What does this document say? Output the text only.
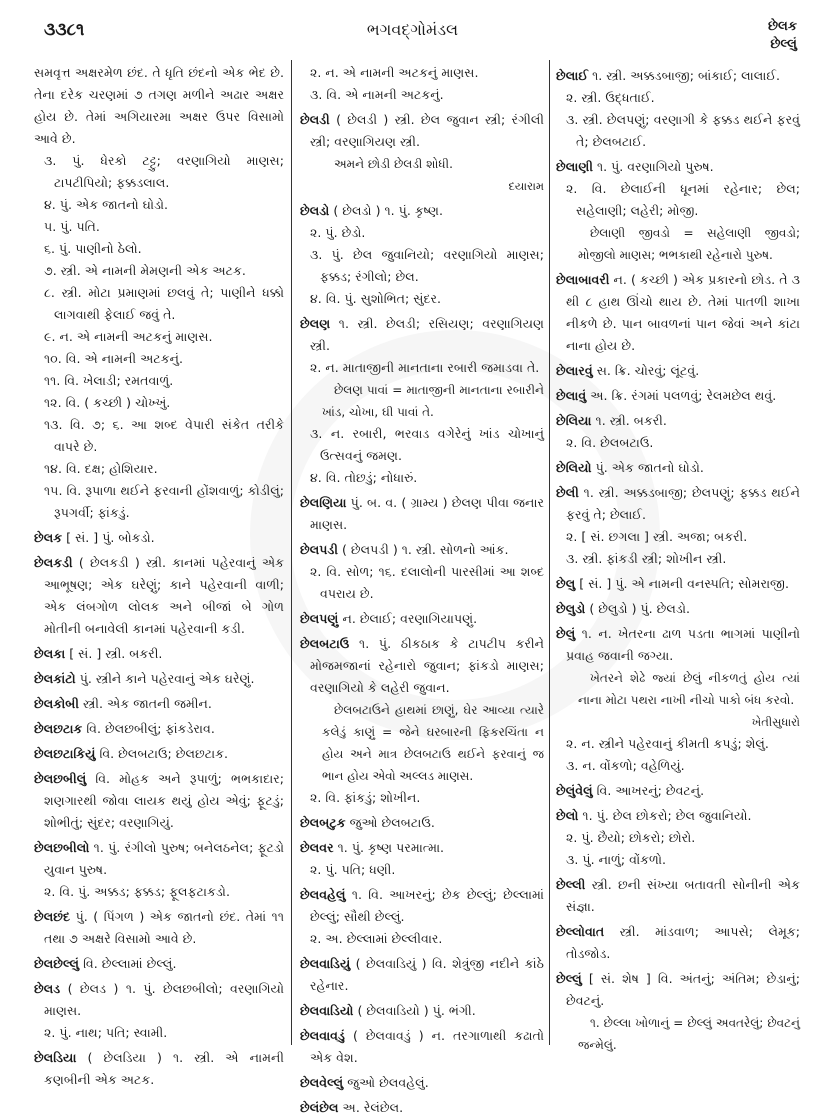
૩૩૮૧	ભગવદ્ગોમંડલ	છેલક
છેલ્લું
સમવૃત્ત અક્ષરમેળ છંદ. તે ધૃતિ છંદનો એક ભેદ છે. તેના દરેક ચરણમાં ૭ તગણ મળીને અઢાર અક્ષર હોય છે. તેમાં અગિયારમા અક્ષર ઉપર વિસામો આવે છે.
૩. પું. ધેરકો ટટ્ટુ; વરણાગિયો માણસ; ટાપટીપિયો; ફક્કડલાલ.
૪. પું. એક જાતનો ઘોડો.
૫. પું. પતિ.
૬. પું. પાણીનો ઠેલો.
૭. સ્ત્રી. એ નામની મેમણની એક અટક.
૮. સ્ત્રી. મોટા પ્રમાણમાં છલવું તે; પાણીને ધક્કો લાગવાથી ફેલાઈ જવું તે.
૯. ન. એ નામની અટકનું માણસ.
૧૦. વિ. એ નામની અટકનું.
૧૧. વિ. ખેલાડી; રમતવાળું.
૧૨. વિ. ( કચ્છી ) ચોખ્ખું.
૧૩. વિ. ૭; ૬. આ શબ્દ વેપારી સંકેત તરીકે વાપરે છે.
૧૪. વિ. દક્ષ; હોશિયાર.
૧૫. વિ. રૂપાળા થઈને ફરવાની હોંશવાળું; કોડીલું; રૂપગર્વી; ફાંકડું.
છેલક [ સં. ] પું. બોકડો.
છેલકડી ( છેલકડી ) સ્ત્રી. કાનમાં પહેરવાનું એક આભૂષણ; એક ઘરેણું; કાને પહેરવાની વાળી; એક લંબગોળ લોલક અને બીજાં બે ગોળ મોતીની બનાવેલી કાનમાં પહેરવાની કડી.
છેલકા [ સં. ] સ્ત્રી. બકરી.
છેલકાંટો પું. સ્ત્રીને કાને પહેરવાનું એક ઘરેણું.
છેલકોબી સ્ત્રી. એક જાતની જમીન.
છેલછટાક વિ. છેલછબીલું; ફાંકડેરાવ.
છેલછટાકિયું વિ. છેલબટાઉ; છેલછટાક.
છેલછબીલું વિ. મોહક અને રૂપાળું; ભભકાદાર; શણગારથી જોવા લાયક થયું હોય એવું; ફૂટડું; શોભીતું; સુંદર; વરણાગિયું.
છેલછબીલો ૧. પું. રંગીલો પુરુષ; બનેલઠનેલ; ફૂટડો યુવાન પુરુષ.
૨. વિ. પું. અક્કડ; ફક્કડ; ફૂલફટાકડો.
છેલછંદ પું. ( પિંગળ ) એક જાતનો છંદ. તેમાં ૧૧ તથા ૭ અક્ષરે વિસામો આવે છે.
છેલછેલ્લું વિ. છેલ્લામાં છેલ્લું.
છેલડ ( છેલડ ) ૧. પું. છેલછબીલો; વરણાગિયો માણસ.
૨. પું. નાથ; પતિ; સ્વામી.
છેલડિયા ( છેલડિયા ) ૧. સ્ત્રી. એ નામની કણબીની એક અટક.
૨. ન. એ નામની અટકનું માણસ.
૩. વિ. એ નામની અટકનું.
છેલડી ( છેલડી ) સ્ત્રી. છેલ જુવાન સ્ત્રી; રંગીલી સ્ત્રી; વરણાગિયણ સ્ત્રી.
અમને છોડી છેલડી શોધી.
દયારામ
છેલડો ( છેલડો ) ૧. પું. કૃષ્ણ.
૨. પું. છેડો.
૩. પું. છેલ જુવાનિયો; વરણાગિયો માણસ; ફક્કડ; રંગીલો; છેલ.
૪. વિ. પું. સુશોભિત; સુંદર.
છેલણ ૧. સ્ત્રી. છેલડી; રસિયણ; વરણાગિયણ સ્ત્રી.
૨. ન. માતાજીની માનતાના રબારી જમાડવા તે.
છેલણ પાવાં = માતાજીની માનતાના રબારીને ખાંડ, ચોખા, ઘી પાવાં તે.
૩. ન. રબારી, ભરવાડ વગેરેનું ખાંડ ચોખાનું ઉત્સવનું જમણ.
૪. વિ. તોછડું; નોધારું.
છેલણિયા પું. બ. વ. ( ગ્રામ્ય ) છેલણ પીવા જનાર માણસ.
છેલપડી ( છેલપડી ) ૧. સ્ત્રી. સોળનો આંક.
૨. વિ. સોળ; ૧૬. દલાલોની પારસીમાં આ શબ્દ વપરાય છે.
છેલપણું ન. છેલાઈ; વરણાગિયાપણું.
છેલબટાઉ ૧. પું. ઠીકઠાક કે ટાપટીપ કરીને મોજમજાનાં રહેનારો જુવાન; ફાંકડો માણસ; વરણાગિયો કે લહેરી જુવાન.
છેલબટાઉને હાથમાં છાણું, ઘેર આવ્યા ત્યારે કલેડું કાણું = જેને ઘરબારની ફિકરચિંતા ન હોય અને માત્ર છેલબટાઉ થઈને ફરવાનું જ ભાન હોય એવો અલ્લડ માણસ.
૨. વિ. ફાંકડું; શોખીન.
છેલબટુક જુઓ છેલબટાઉ.
છેલવર ૧. પું. કૃષ્ણ પરમાત્મા.
૨. પું. પતિ; ધણી.
છેલવહેલું ૧. વિ. આખરનું; છેક છેલ્લું; છેલ્લામાં છેલ્લું; સૌથી છેલ્લું.
૨. અ. છેલ્લામાં છેલ્લીવાર.
છેલવાડિયું ( છેલવાડિયું ) વિ. શેત્રુંજી નદીને કાંઠે રહેનાર.
છેલવાડિયો ( છેલવાડિયો ) પું. ભંગી.
છેલવાવડું ( છેલવાવડું ) ન. તરગાળાથી કઢાતો એક વેશ.
છેલવેલ્લું જુઓ છેલવહેલું.
છેલંછેલ અ. રેલંછેલ.
છેલાઈ ૧. સ્ત્રી. અક્કડબાજી; બાંકાઈ; લાલાઈ.
૨. સ્ત્રી. ઉદ્ધતાઈ.
૩. સ્ત્રી. છેલપણું; વરણાગી કે ફક્કડ થઈને ફરવું તે; છેલબટાઈ.
છેલાણી ૧. પું. વરણાગિયો પુરુષ.
૨. વિ. છેલાઈની ધૂનમાં રહેનાર; છેલ; સહેલાણી; લહેરી; મોજી.
છેલાણી જીવડો = સહેલાણી જીવડો; મોજીલો માણસ; ભભકાથી રહેનારો પુરુષ.
છેલાબાવરી ન. ( કચ્છી ) એક પ્રકારનો છોડ. તે ૩ થી ૮ હાથ ઊંચો થાય છે. તેમાં પાતળી શાખા નીકળે છે. પાન બાવળનાં પાન જેવાં અને કાંટા નાના હોય છે.
છેલારવું સ. ક્રિ. ચોરવું; લૂંટવું.
છેલાવું અ. ક્રિ. રંગમાં પલળવું; રેલમછેલ થવું.
છેલિયા ૧. સ્ત્રી. બકરી.
૨. વિ. છેલબટાઉ.
છેલિયો પું. એક જાતનો ઘોડો.
છેલી ૧. સ્ત્રી. અક્કડબાજી; છેલપણું; ફક્કડ થઈને ફરવું તે; છેલાઈ.
૨. [ સં. છગલા ] સ્ત્રી. અજા; બકરી.
૩. સ્ત્રી. ફાંકડી સ્ત્રી; શોખીન સ્ત્રી.
છેલુ [ સં. ] પું. એ નામની વનસ્પતિ; સોમરાજી.
છેલુડો ( છેલુડો ) પું. છેલડો.
છેલું ૧. ન. ખેતરના ઢાળ પડતા ભાગમાં પાણીનો પ્રવાહ જવાની જગ્યા.
ખેતરને શેઢે જ્યાં છેલું નીકળતું હોય ત્યાં નાના મોટા પથરા નાખી નીચો પાકો બંધ કરવો.
ખેતીસુધારો
૨. ન. સ્ત્રીને પહેરવાનું કીમતી કપડું; શેલું.
૩. ન. વોંકળો; વહેળિયું.
છેલુંવેલું વિ. આખરનું; છેવટનું.
છેલો ૧. પું. છેલ છોકરો; છેલ જુવાનિયો.
૨. પું. છૈયો; છોકરો; છોરો.
૩. પું. નાળું; વોંકળો.
છેલ્લી સ્ત્રી. છની સંખ્યા બતાવતી સોનીની એક સંજ્ઞા.
છેલ્લોવાત સ્ત્રી. માંડવાળ; આપસે; લેમૂક; તોડજોડ.
છેલ્લું [ સં. શેષ ] વિ. અંતનું; અંતિમ; છેડાનું; છેવટનું.
૧. છેલ્લા ખોળાનું = છેલ્લું અવતરેલું; છેવટનું જન્મેલું.
